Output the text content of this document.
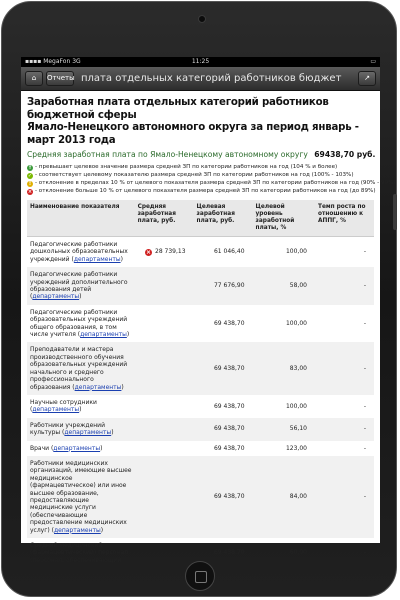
▪▪▪▪ MegaFon 3G	11:25	▭
⌂	Отчеты плата отдельных категорий работников бюджет	↗
Заработная плата отдельных категорий работников бюджетной сферы
Ямало-Ненецкого автономного округа за период январь - март 2013 года
Средняя заработная плата по Ямало-Ненецкому автономному округу 69438,70 руб.
↑ - превышает целевое значение размера средней ЗП по категории работников на год (104 % и более)
✓ - соответствует целевому показателю размера средней ЗП по категории работников на год (100% - 103%)
! - отклонение в пределах 10 % от целевого показателя размера средней ЗП по категории работников на год (90% - 99%)
× - отклонение больше 10 % от целевого показателя размера средней ЗП по категории работников на год (до 89%)
Наименование показателя	Средняя заработная плата, руб.	Целевая заработная плата, руб.	Целевой уровень заработной платы, %	Темп роста по отношению к АППГ, %
Педагогические работники дошкольных образовательных учреждений (департаменты)	× 28 739,13	61 046,40	100,00	-
Педагогические работники учреждений дополнительного образования детей (департаменты)		77 676,90	58,00	-
Педагогические работники образовательных учреждений общего образования, в том числе учителя (департаменты)		69 438,70	100,00	-
Преподаватели и мастера производственного обучения образовательных учреждений начального и среднего профессионального образования (департаменты)		69 438,70	83,00	-
Научные сотрудники (департаменты)		69 438,70	100,00	-
Работники учреждений культуры (департаменты)		69 438,70	56,10	-
Врачи (департаменты)		69 438,70	123,00	-
Работники медицинских организаций, имеющие высшее медицинское (фармацевтическое) или иное высшее образование, предоставляющие медицинские услуги (обеспечивающие предоставление медицинских услуг) (департаменты)		69 438,70	84,00	-
Средний медицинский (фармацевтический) персонал (персонал, обеспечивающий		69 438,70	60,00	-
